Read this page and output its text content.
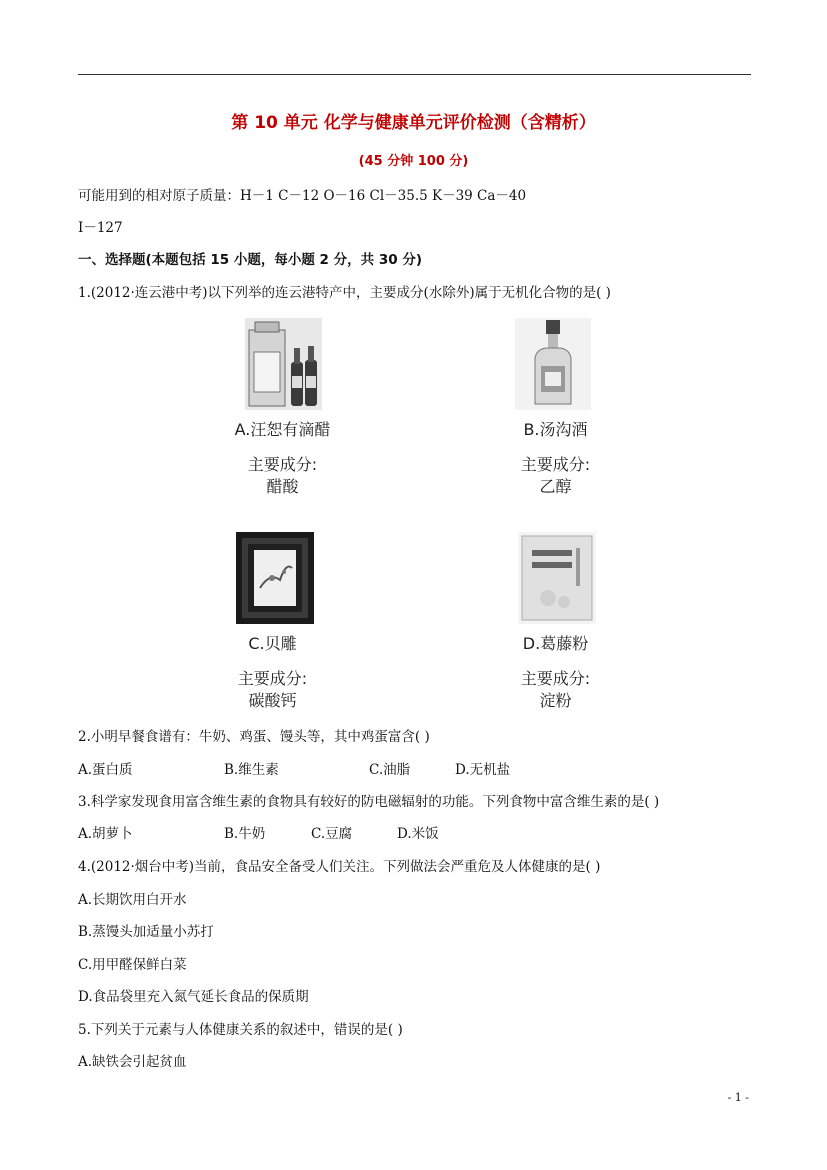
第 10 单元 化学与健康单元评价检测（含精析）
(45 分钟 100 分)
可能用到的相对原子质量：H－1 C－12 O－16 Cl－35.5 K－39 Ca－40
I－127
一、选择题(本题包括 15 小题，每小题 2 分，共 30 分)
1.(2012·连云港中考)以下列举的连云港特产中，主要成分(水除外)属于无机化合物的是( )
A.汪恕有滴醋
主要成分:
醋酸
B.汤沟酒
主要成分:
乙醇
C.贝雕
主要成分:
碳酸钙
D.葛藤粉
主要成分:
淀粉
2.小明早餐食谱有：牛奶、鸡蛋、馒头等，其中鸡蛋富含( )
A.蛋白质	B.维生素	C.油脂	D.无机盐
3.科学家发现食用富含维生素的食物具有较好的防电磁辐射的功能。下列食物中富含维生素的是( )
A.胡萝卜	B.牛奶	C.豆腐	D.米饭
4.(2012·烟台中考)当前，食品安全备受人们关注。下列做法会严重危及人体健康的是( )
A.长期饮用白开水
B.蒸馒头加适量小苏打
C.用甲醛保鲜白菜
D.食品袋里充入氮气延长食品的保质期
5.下列关于元素与人体健康关系的叙述中，错误的是( )
A.缺铁会引起贫血
- 1 -
